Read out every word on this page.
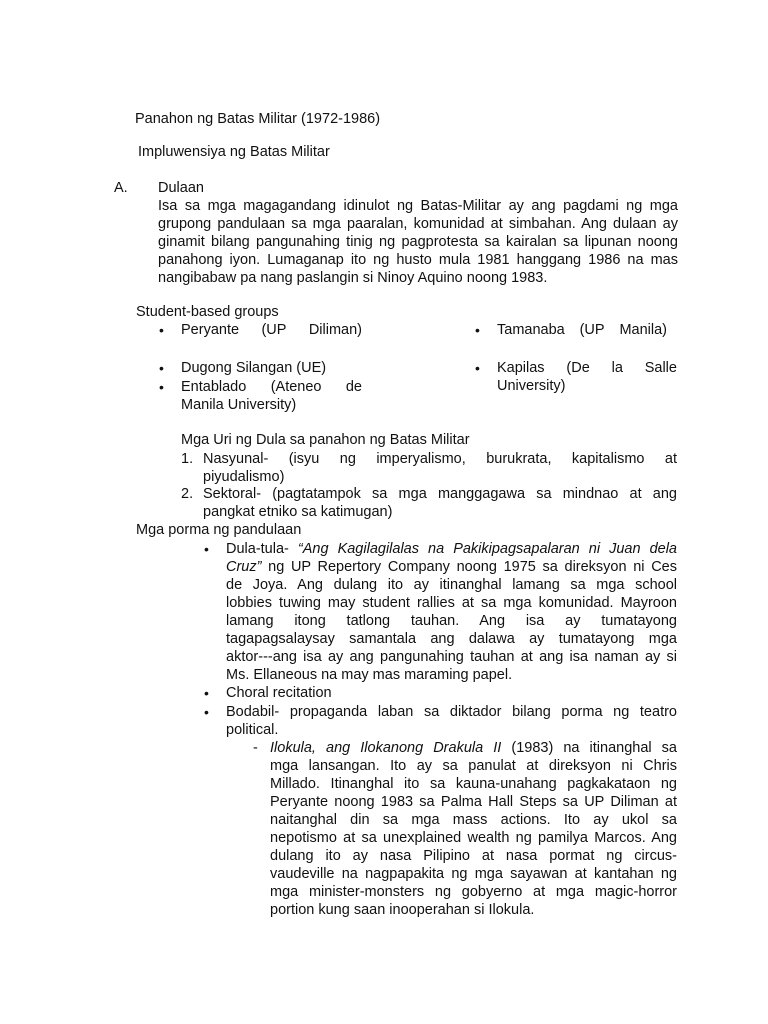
Panahon ng Batas Militar (1972-1986)
Impluwensiya ng Batas Militar
A. Dulaan
Isa sa mga magagandang idinulot ng Batas-Militar ay ang pagdami ng mga
grupong pandulaan sa mga paaralan, komunidad at simbahan. Ang dulaan ay
ginamit bilang pangunahing tinig ng pagprotesta sa kairalan sa lipunan noong
panahong iyon. Lumaganap ito ng husto mula 1981 hanggang 1986 na mas
nangibabaw pa nang paslangin si Ninoy Aquino noong 1983.
Student-based groups
• Peryante (UP Diliman)
• Dugong Silangan (UE)
• Entablado (Ateneo de
Manila University)
• Tamanaba (UP Manila)
• Kapilas (De la Salle
University)
Mga Uri ng Dula sa panahon ng Batas Militar
1. Nasyunal- (isyu ng imperyalismo, burukrata, kapitalismo at
piyudalismo)
2. Sektoral- (pagtatampok sa mga manggagawa sa mindnao at ang
pangkat etniko sa katimugan)
Mga porma ng pandulaan
• Dula-tula- “Ang Kagilagilalas na Pakikipagsapalaran ni Juan dela
Cruz” ng UP Repertory Company noong 1975 sa direksyon ni Ces
de Joya. Ang dulang ito ay itinanghal lamang sa mga school
lobbies tuwing may student rallies at sa mga komunidad. Mayroon
lamang itong tatlong tauhan. Ang isa ay tumatayong
tagapagsalaysay samantala ang dalawa ay tumatayong mga
aktor---ang isa ay ang pangunahing tauhan at ang isa naman ay si
Ms. Ellaneous na may mas maraming papel.
• Choral recitation
• Bodabil- propaganda laban sa diktador bilang porma ng teatro
political.
- Ilokula, ang Ilokanong Drakula II (1983) na itinanghal sa
mga lansangan. Ito ay sa panulat at direksyon ni Chris
Millado. Itinanghal ito sa kauna-unahang pagkakataon ng
Peryante noong 1983 sa Palma Hall Steps sa UP Diliman at
naitanghal din sa mga mass actions. Ito ay ukol sa
nepotismo at sa unexplained wealth ng pamilya Marcos. Ang
dulang ito ay nasa Pilipino at nasa pormat ng circus-
vaudeville na nagpapakita ng mga sayawan at kantahan ng
mga minister-monsters ng gobyerno at mga magic-horror
portion kung saan inooperahan si Ilokula.
